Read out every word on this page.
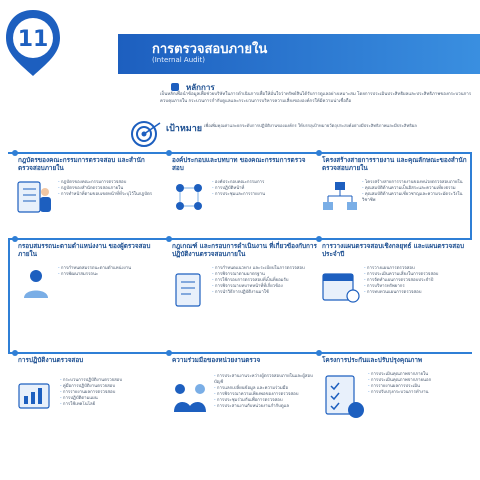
11	การตรวจสอบภายใน
(Internal Audit)
หลักการ
เป็นหลักเพื่อนำข้อมูลเพื่อช่วยบริษัทในการดำเนินการเพื่อให้มั่นใจว่าทรัพย์สินได้รับการดูแลอย่างเหมาะสม โดยการประเมินประสิทธิผลและประสิทธิภาพของกระบวนการควบคุมภายใน กระบวนการกำกับดูแลและกระบวนการบริหารความเสี่ยงขององค์กรให้มีความน่าเชื่อถือ
เป้าหมาย เพื่อเพิ่มคุณค่าและยกระดับการปฏิบัติงานขององค์กร ให้บรรลุเป้าหมายวัตถุประสงค์อย่างมีประสิทธิภาพและมีประสิทธิผล
กฎบัตรของคณะกรรมการตรวจสอบ และสำนักตรวจสอบภายใน
- กฎบัตรของคณะกรรมการตรวจสอบ
- กฎบัตรของสำนักตรวจสอบภายใน
- การทำหน้าที่ตามขอบเขตหน้าที่ที่ระบุไว้ในกฎบัตร
องค์ประกอบและบทบาท ของคณะกรรมการตรวจสอบ
- องค์ประกอบคณะกรรมการ
- การปฏิบัติหน้าที่
- การประชุมและการรายงาน
โครงสร้างสายการรายงาน และคุณลักษณะของสำนักตรวจสอบภายใน
- โครงสร้างสายการรายงานของหน่วยตรวจสอบภายใน
- คุณสมบัติด้านความเป็นอิสระและความเที่ยงธรรม
- คุณสมบัติด้านความเชี่ยวชาญและความระมัดระวังในวิชาชีพ
กรอบสมรรถนะตามตำแหน่งงาน ของผู้ตรวจสอบภายใน
- การกำหนดสมรรถนะตามตำแหน่งงาน
- การพัฒนาสมรรถนะ
กฎเกณฑ์ และกรอบการดำเนินงาน ที่เกี่ยวข้องกับการปฏิบัติงานตรวจสอบภายใน
- การกำหนดแนวทาง และระเบียบในการตรวจสอบ
- การพิจารณาตามมาตรฐาน
- การใช้กรอบการตรวจสอบที่เป็นที่ยอมรับ
- การพิจารณาบทบาทหน้าที่ที่เกี่ยวข้อง
- การนำวิธีการปฏิบัติงานมาใช้
การวางแผนตรวจสอบเชิงกลยุทธ์ และแผนตรวจสอบประจำปี
- การวางแผนการตรวจสอบ
- การประเมินความเสี่ยงในการตรวจสอบ
- การจัดทำแผนการตรวจสอบประจำปี
- การบริหารทรัพยากร
- การทบทวนแผนการตรวจสอบ
การปฏิบัติงานตรวจสอบ
- กระบวนการปฏิบัติงานตรวจสอบ
- คู่มือการปฏิบัติงานตรวจสอบ
- การรายงานผลการตรวจสอบ
- การปฏิบัติตามแผน
- การใช้เทคโนโลยี
ความร่วมมือของหน่วยงานตรวจ
- การประสานงานระหว่างผู้ตรวจสอบภายในและผู้สอบบัญชี
- การแลกเปลี่ยนข้อมูล และความร่วมมือ
- การพิจารณาความเพียงพอของการตรวจสอบ
- การประชุมร่วมกันเพื่อการตรวจสอบ
- การประสานงานกับหน่วยงานกำกับดูแล
โครงการประกันและปรับปรุงคุณภาพ
- การประเมินคุณภาพจากภายใน
- การประเมินคุณภาพจากภายนอก
- การรายงานผลการประเมิน
- การปรับปรุงกระบวนการทำงาน
